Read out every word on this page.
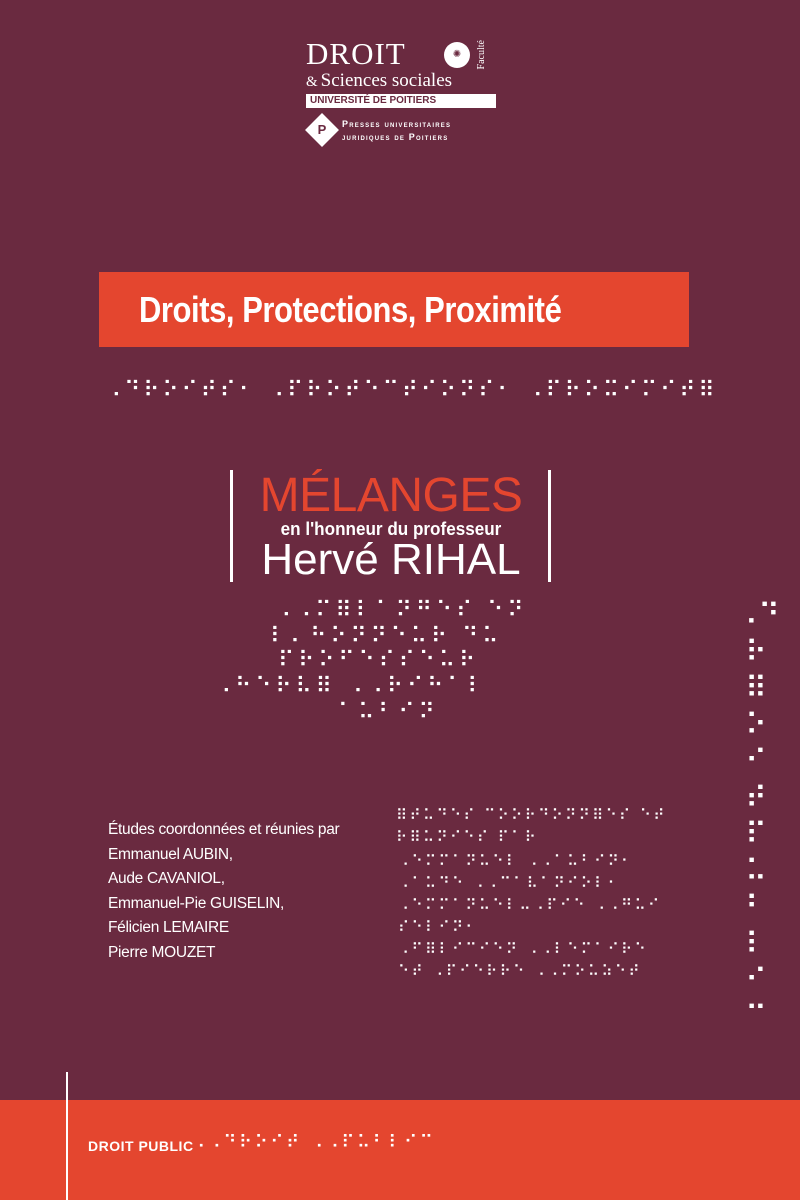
DROIT	✺	Faculté
& Sciences sociales
UNIVERSITÉ DE POITIERS
P	Presses universitaires
juridiques de Poitiers
Droits, Protections, Proximité
⠠⠙⠗⠕⠊⠞⠎⠂ ⠠⠏⠗⠕⠞⠑⠉⠞⠊⠕⠝⠎⠂ ⠠⠏⠗⠕⠭⠊⠍⠊⠞⠿
MÉLANGES
en l'honneur du professeur
Hervé RIHAL
⠠⠠⠍⠿⠇⠁⠝⠛⠑⠎ ⠑⠝
⠇⠄⠓⠕⠝⠝⠑⠥⠗ ⠙⠥
⠏⠗⠕⠋⠑⠎⠎⠑⠥⠗
⠠⠓⠑⠗⠧⠿ ⠠⠠⠗⠊⠓⠁⠇
⠁⠥⠃⠊⠝
⠠⠙
⠗
⠿
⠕
⠊
⠞
⠏
⠥
⠃
⠇
⠊
⠉
Études coordonnées et réunies par
Emmanuel AUBIN,
Aude CAVANIOL,
Emmanuel-Pie GUISELIN,
Félicien LEMAIRE
Pierre MOUZET
⠿⠞⠥⠙⠑⠎ ⠉⠕⠕⠗⠙⠕⠝⠝⠿⠑⠎ ⠑⠞
⠗⠿⠥⠝⠊⠑⠎ ⠏⠁⠗
⠠⠑⠍⠍⠁⠝⠥⠑⠇ ⠠⠠⠁⠥⠃⠊⠝⠂
⠠⠁⠥⠙⠑ ⠠⠠⠉⠁⠧⠁⠝⠊⠕⠇⠂
⠠⠑⠍⠍⠁⠝⠥⠑⠇⠤⠠⠏⠊⠑ ⠠⠠⠛⠥⠊
⠎⠑⠇⠊⠝⠂
⠠⠋⠿⠇⠊⠉⠊⠑⠝ ⠠⠠⠇⠑⠍⠁⠊⠗⠑
⠑⠞ ⠠⠏⠊⠑⠗⠗⠑ ⠠⠠⠍⠕⠥⠵⠑⠞
DROIT PUBLIC
⠠⠠⠙⠗⠕⠊⠞ ⠠⠠⠏⠥⠃⠇⠊⠉
